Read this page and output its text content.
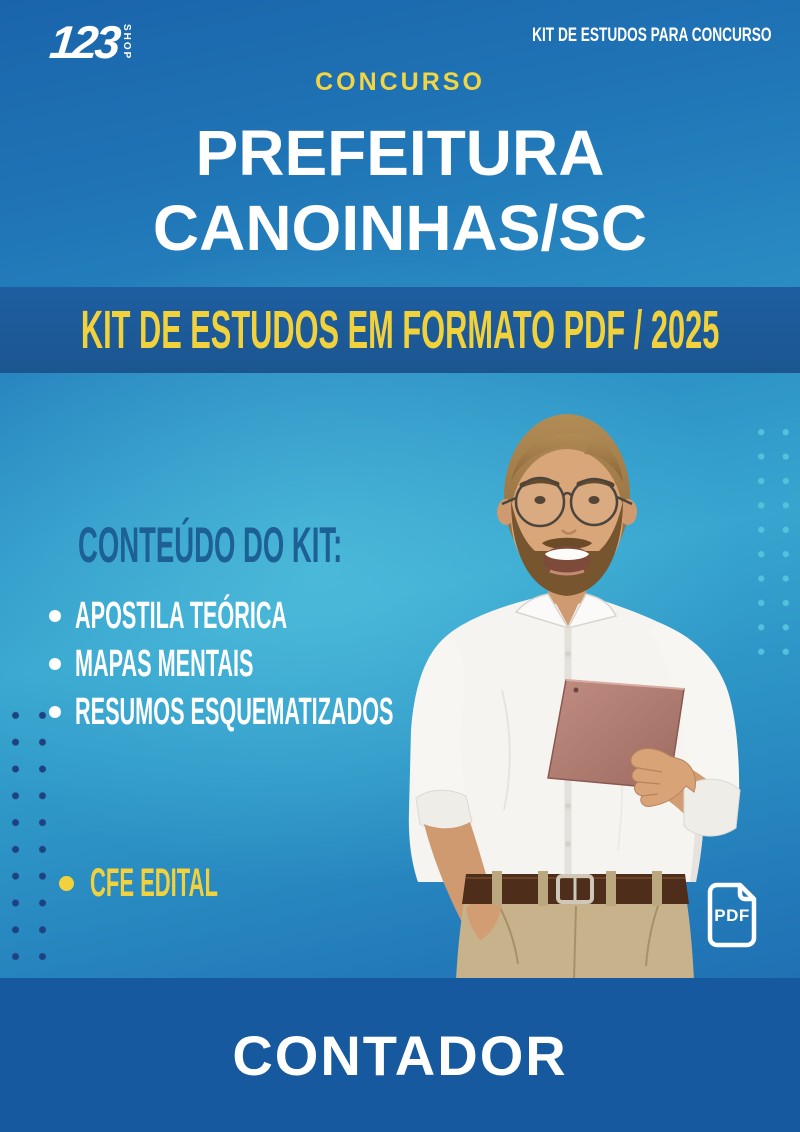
123 SHOP	KIT DE ESTUDOS PARA CONCURSO
CONCURSO
PREFEITURA
CANOINHAS/SC
KIT DE ESTUDOS EM FORMATO PDF / 2025
CONTEÚDO DO KIT:
APOSTILA TEÓRICA
MAPAS MENTAIS
RESUMOS ESQUEMATIZADOS
CFE EDITAL
PDF
CONTADOR
